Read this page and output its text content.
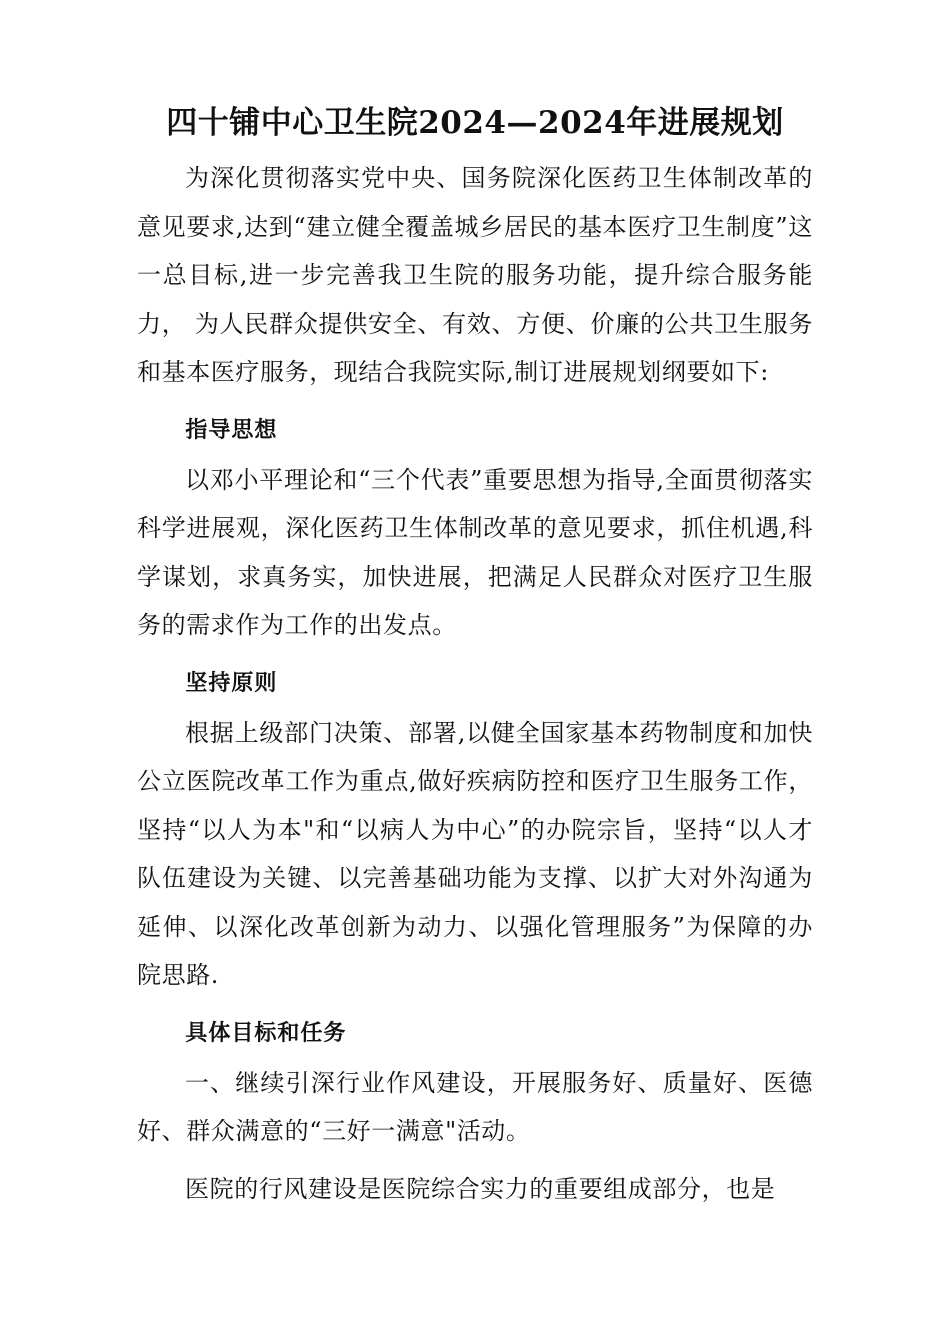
四十铺中心卫生院2024—2024年进展规划

为深化贯彻落实党中央、国务院深化医药卫生体制改革的意见要求,达到“建立健全覆盖城乡居民的基本医疗卫生制度”这一总目标,进一步完善我卫生院的服务功能，提升综合服务能力， 为人民群众提供安全、有效、方便、价廉的公共卫生服务和基本医疗服务，现结合我院实际,制订进展规划纲要如下:

指导思想

以邓小平理论和“三个代表”重要思想为指导,全面贯彻落实科学进展观，深化医药卫生体制改革的意见要求，抓住机遇,科学谋划，求真务实，加快进展，把满足人民群众对医疗卫生服务的需求作为工作的出发点。

坚持原则

根据上级部门决策、部署,以健全国家基本药物制度和加快公立医院改革工作为重点,做好疾病防控和医疗卫生服务工作，坚持“以人为本"和“以病人为中心”的办院宗旨，坚持“以人才队伍建设为关键、以完善基础功能为支撑、以扩大对外沟通为延伸、以深化改革创新为动力、以强化管理服务”为保障的办院思路.

具体目标和任务

一、继续引深行业作风建设，开展服务好、质量好、医德好、群众满意的“三好一满意"活动。

医院的行风建设是医院综合实力的重要组成部分，也是
